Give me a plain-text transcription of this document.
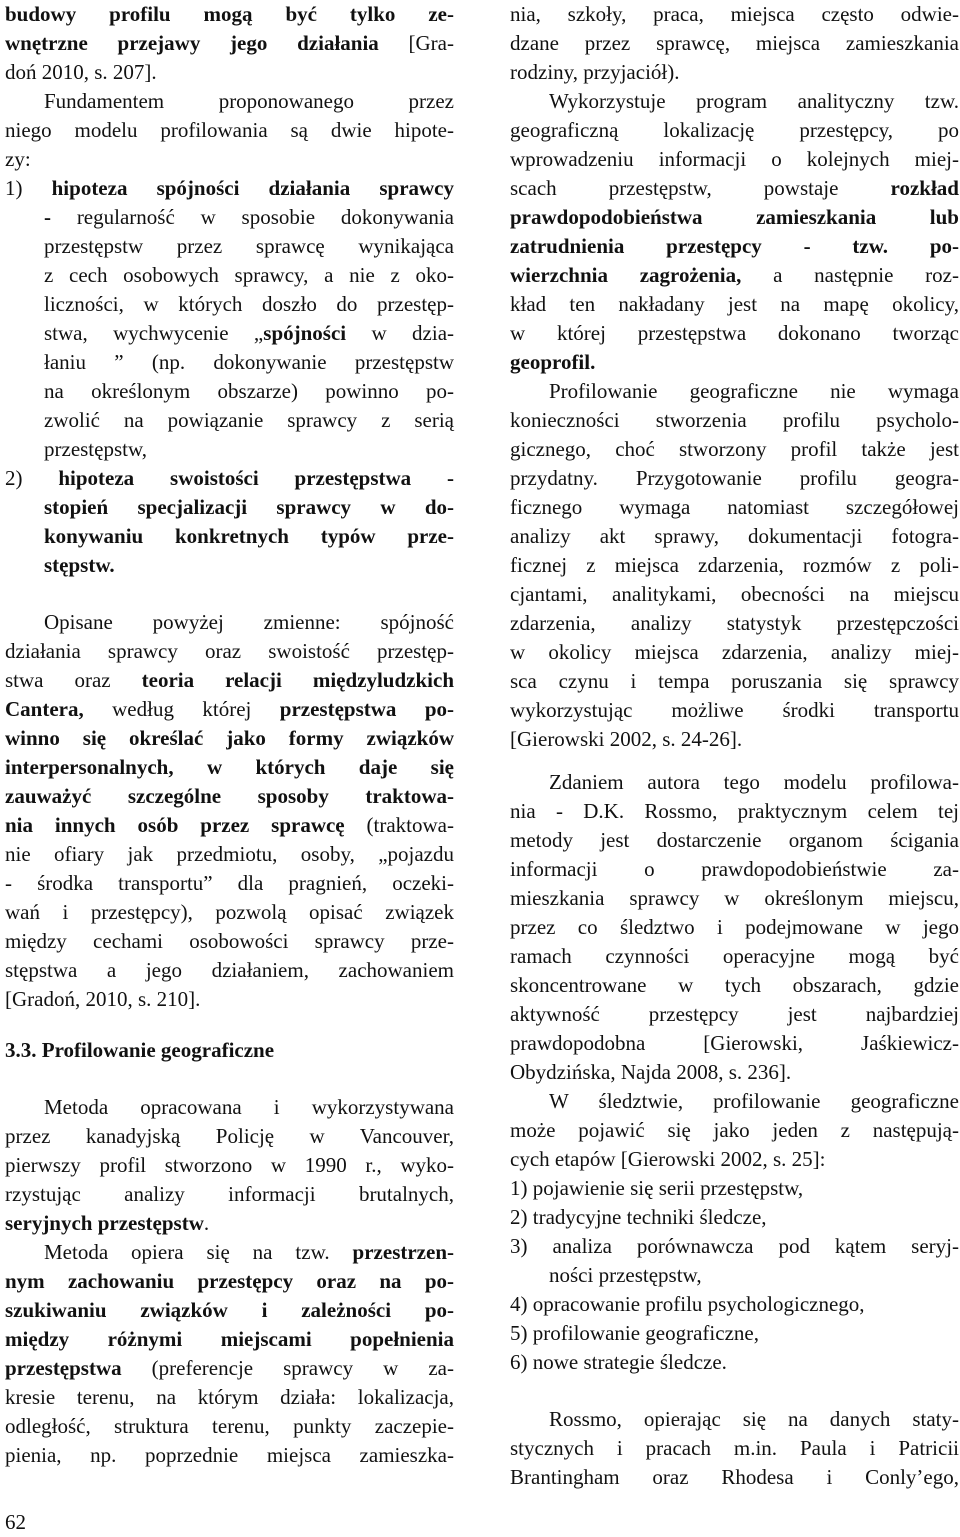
budowy profilu mogą być tylko ze-
wnętrzne przejawy jego działania [Gra-
doń 2010, s. 207].
Fundamentem proponowanego przez
niego modelu profilowania są dwie hipote-
zy:
1) hipoteza spójności działania sprawcy
- regularność w sposobie dokonywania
przestępstw przez sprawcę wynikająca
z cech osobowych sprawcy, a nie z oko-
liczności, w których doszło do przestęp-
stwa, wychwycenie „spójności w dzia-
łaniu ” (np. dokonywanie przestępstw
na określonym obszarze) powinno po-
zwolić na powiązanie sprawcy z serią
przestępstw,
2) hipoteza swoistości przestępstwa -
stopień specjalizacji sprawcy w do-
konywaniu konkretnych typów prze-
stępstw.
Opisane powyżej zmienne: spójność
działania sprawcy oraz swoistość przestęp-
stwa oraz teoria relacji międzyludzkich
Cantera, według której przestępstwa po-
winno się określać jako formy związków
interpersonalnych, w których daje się
zauważyć szczególne sposoby traktowa-
nia innych osób przez sprawcę (traktowa-
nie ofiary jak przedmiotu, osoby, „pojazdu
- środka transportu” dla pragnień, oczeki-
wań i przestępcy), pozwolą opisać związek
między cechami osobowości sprawcy prze-
stępstwa a jego działaniem, zachowaniem
[Gradoń, 2010, s. 210].
3.3. Profilowanie geograficzne
Metoda opracowana i wykorzystywana
przez kanadyjską Policję w Vancouver,
pierwszy profil stworzono w 1990 r., wyko-
rzystując analizy informacji brutalnych,
seryjnych przestępstw.
Metoda opiera się na tzw. przestrzen-
nym zachowaniu przestępcy oraz na po-
szukiwaniu związków i zależności po-
między różnymi miejscami popełnienia
przestępstwa (preferencje sprawcy w za-
kresie terenu, na którym działa: lokalizacja,
odległość, struktura terenu, punkty zaczepie-
pienia, np. poprzednie miejsca zamieszka-
nia, szkoły, praca, miejsca często odwie-
dzane przez sprawcę, miejsca zamieszkania
rodziny, przyjaciół).
Wykorzystuje program analityczny tzw.
geograficzną lokalizację przestępcy, po
wprowadzeniu informacji o kolejnych miej-
scach przestępstw, powstaje rozkład
prawdopodobieństwa zamieszkania lub
zatrudnienia przestępcy - tzw. po-
wierzchnia zagrożenia, a następnie roz-
kład ten nakładany jest na mapę okolicy,
w której przestępstwa dokonano tworząc
geoprofil.
Profilowanie geograficzne nie wymaga
konieczności stworzenia profilu psycholo-
gicznego, choć stworzony profil także jest
przydatny. Przygotowanie profilu geogra-
ficznego wymaga natomiast szczegółowej
analizy akt sprawy, dokumentacji fotogra-
ficznej z miejsca zdarzenia, rozmów z poli-
cjantami, analitykami, obecności na miejscu
zdarzenia, analizy statystyk przestępczości
w okolicy miejsca zdarzenia, analizy miej-
sca czynu i tempa poruszania się sprawcy
wykorzystując możliwe środki transportu
[Gierowski 2002, s. 24-26].
Zdaniem autora tego modelu profilowa-
nia - D.K. Rossmo, praktycznym celem tej
metody jest dostarczenie organom ścigania
informacji o prawdopodobieństwie za-
mieszkania sprawcy w określonym miejscu,
przez co śledztwo i podejmowane w jego
ramach czynności operacyjne mogą być
skoncentrowane w tych obszarach, gdzie
aktywność przestępcy jest najbardziej
prawdopodobna [Gierowski, Jaśkiewicz-
Obydzińska, Najda 2008, s. 236].
W śledztwie, profilowanie geograficzne
może pojawić się jako jeden z następują-
cych etapów [Gierowski 2002, s. 25]:
1) pojawienie się serii przestępstw,
2) tradycyjne techniki śledcze,
3) analiza porównawcza pod kątem seryj-
ności przestępstw,
4) opracowanie profilu psychologicznego,
5) profilowanie geograficzne,
6) nowe strategie śledcze.
Rossmo, opierając się na danych staty-
stycznych i pracach m.in. Paula i Patricii
Brantingham oraz Rhodesa i Conly’ego,
62
